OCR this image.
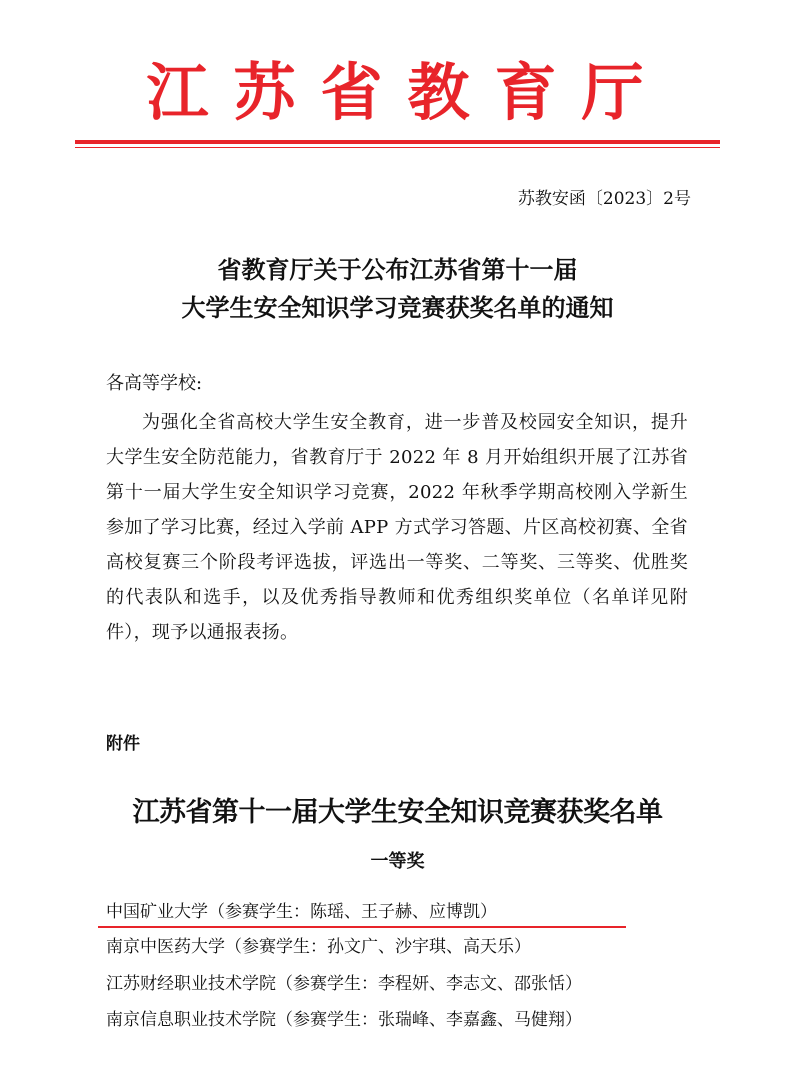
江苏省教育厅
苏教安函〔2023〕2号
省教育厅关于公布江苏省第十一届
大学生安全知识学习竞赛获奖名单的通知
各高等学校:
为强化全省高校大学生安全教育，进一步普及校园安全知识，提升大学生安全防范能力，省教育厅于 2022 年 8 月开始组织开展了江苏省第十一届大学生安全知识学习竞赛，2022 年秋季学期高校刚入学新生参加了学习比赛，经过入学前 APP 方式学习答题、片区高校初赛、全省高校复赛三个阶段考评选拔，评选出一等奖、二等奖、三等奖、优胜奖的代表队和选手，以及优秀指导教师和优秀组织奖单位（名单详见附件），现予以通报表扬。
附件
江苏省第十一届大学生安全知识竞赛获奖名单
一等奖
中国矿业大学（参赛学生：陈瑶、王子赫、应博凯）
南京中医药大学（参赛学生：孙文广、沙宇琪、高天乐）
江苏财经职业技术学院（参赛学生：李程妍、李志文、邵张恬）
南京信息职业技术学院（参赛学生：张瑞峰、李嘉鑫、马健翔）
